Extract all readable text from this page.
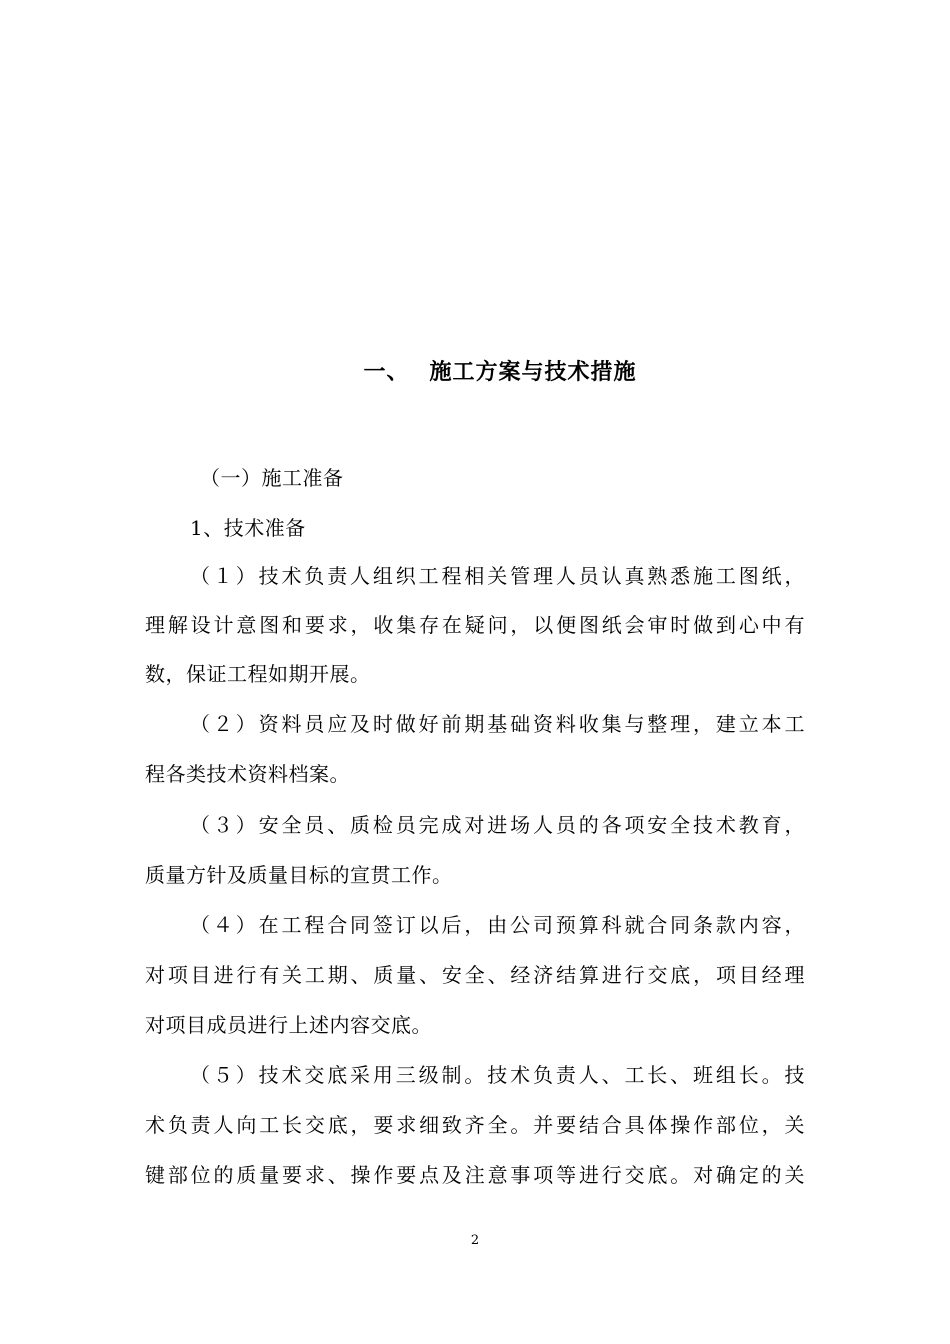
一、 施工方案与技术措施
（一）施工准备
1、技术准备
（１）技术负责人组织工程相关管理人员认真熟悉施工图纸，
理解设计意图和要求，收集存在疑问，以便图纸会审时做到心中有
数，保证工程如期开展。
（２）资料员应及时做好前期基础资料收集与整理，建立本工
程各类技术资料档案。
（３）安全员、质检员完成对进场人员的各项安全技术教育，
质量方针及质量目标的宣贯工作。
（４）在工程合同签订以后，由公司预算科就合同条款内容，
对项目进行有关工期、质量、安全、经济结算进行交底，项目经理
对项目成员进行上述内容交底。
（５）技术交底采用三级制。技术负责人、工长、班组长。技
术负责人向工长交底，要求细致齐全。并要结合具体操作部位，关
键部位的质量要求、操作要点及注意事项等进行交底。对确定的关
2
